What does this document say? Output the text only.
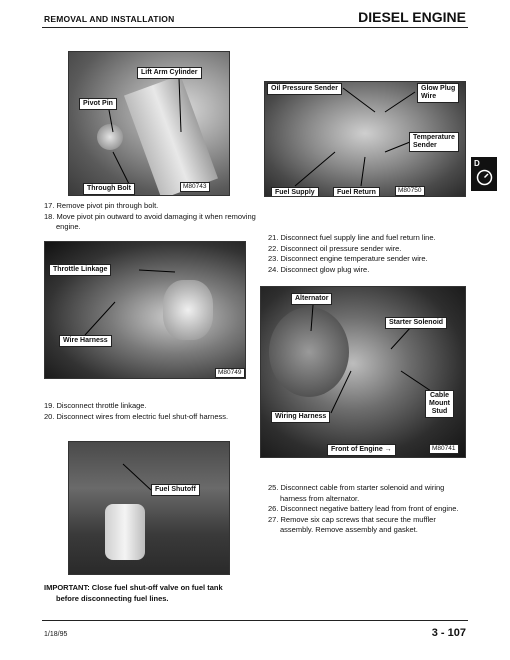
REMOVAL AND INSTALLATION	DIESEL ENGINE
Lift Arm Cylinder
Pivot Pin
Through Bolt	M80743
17. Remove pivot pin through bolt.
18. Move pivot pin outward to avoid damaging it when removing engine.
Oil Pressure Sender	Glow Plug
Wire
Temperature
Sender
Fuel Supply	Fuel Return	M80750
D
21. Disconnect fuel supply line and fuel return line.
22. Disconnect oil pressure sender wire.
23. Disconnect engine temperature sender wire.
24. Disconnect glow plug wire.
Throttle Linkage
Wire Harness
M80749
19. Disconnect throttle linkage.
20. Disconnect wires from electric fuel shut-off harness.
Alternator
Starter Solenoid
Cable
Mount
Stud
Wiring Harness
Front of Engine →	M80741
Fuel Shutoff	25. Disconnect cable from starter solenoid and wiring harness from alternator.
26. Disconnect negative battery lead from front of engine.
27. Remove six cap screws that secure the muffler assembly. Remove assembly and gasket.
IMPORTANT: Close fuel shut-off valve on fuel tank
before disconnecting fuel lines.
1/18/95	3 - 107
